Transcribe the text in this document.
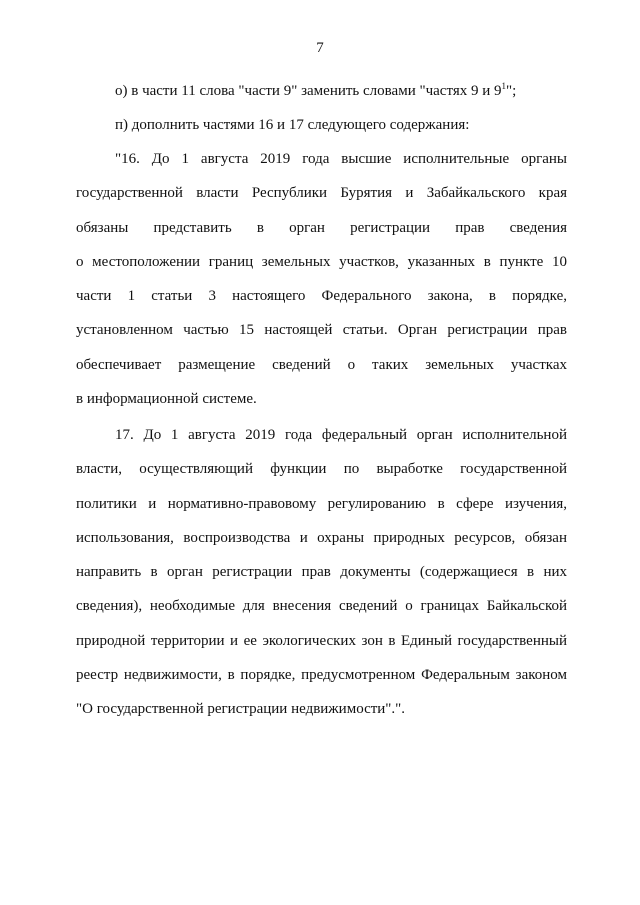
7
о) в части 11 слова "части 9" заменить словами "частях 9 и $9^1$";
п) дополнить частями 16 и 17 следующего содержания:
"16. До 1 августа 2019 года высшие исполнительные органы
государственной власти Республики Бурятия и Забайкальского края
обязаны представить в орган регистрации прав сведения
о местоположении границ земельных участков, указанных в пункте 10
части 1 статьи 3 настоящего Федерального закона, в порядке,
установленном частью 15 настоящей статьи. Орган регистрации прав
обеспечивает размещение сведений о таких земельных участках
в информационной системе.
17. До 1 августа 2019 года федеральный орган исполнительной
власти, осуществляющий функции по выработке государственной
политики и нормативно-правовому регулированию в сфере изучения,
использования, воспроизводства и охраны природных ресурсов, обязан
направить в орган регистрации прав документы (содержащиеся в них
сведения), необходимые для внесения сведений о границах Байкальской
природной территории и ее экологических зон в Единый государственный
реестр недвижимости, в порядке, предусмотренном Федеральным законом
"О государственной регистрации недвижимости".".
